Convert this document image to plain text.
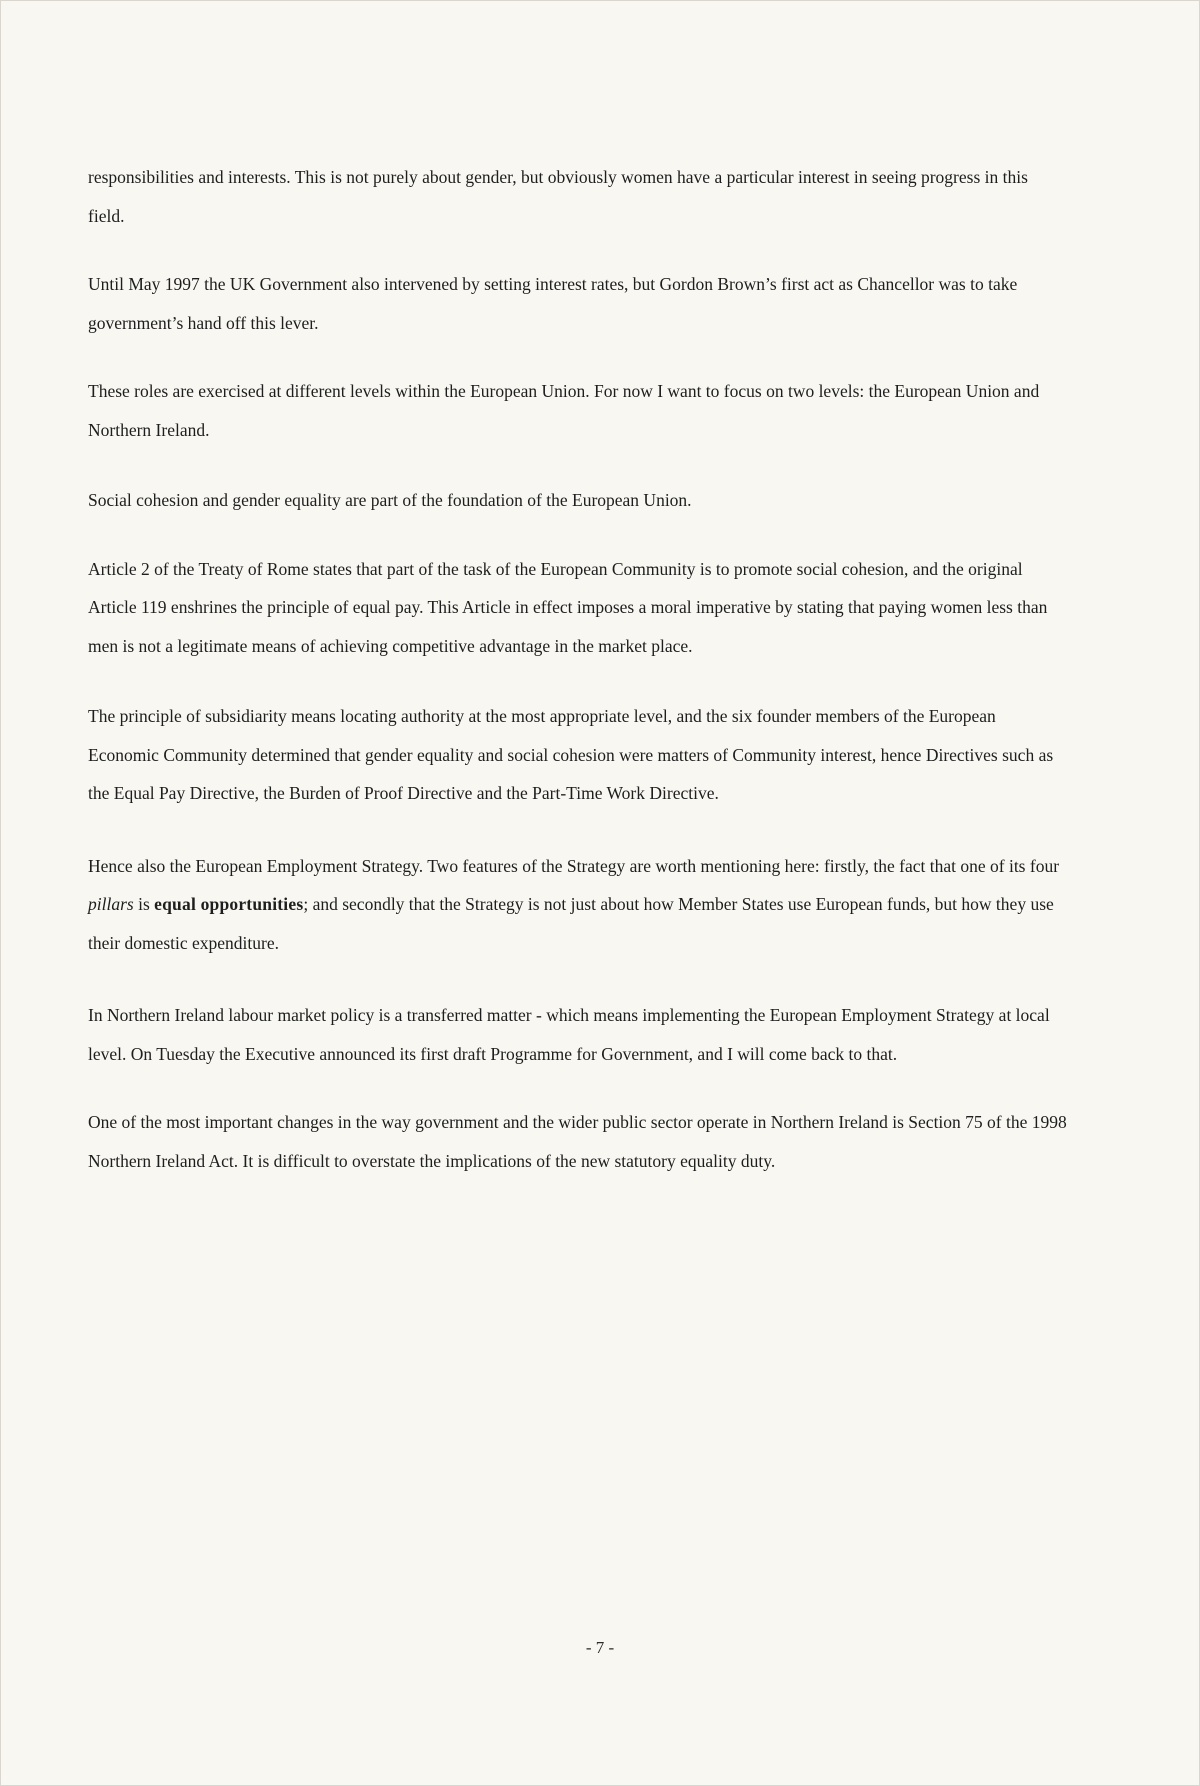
responsibilities and interests. This is not purely about gender, but obviously women have a particular interest in seeing progress in this field.

Until May 1997 the UK Government also intervened by setting interest rates, but Gordon Brown’s first act as Chancellor was to take government’s hand off this lever.

These roles are exercised at different levels within the European Union. For now I want to focus on two levels: the European Union and Northern Ireland.

Social cohesion and gender equality are part of the foundation of the European Union.

Article 2 of the Treaty of Rome states that part of the task of the European Community is to promote social cohesion, and the original Article 119 enshrines the principle of equal pay. This Article in effect imposes a moral imperative by stating that paying women less than men is not a legitimate means of achieving competitive advantage in the market place.

The principle of subsidiarity means locating authority at the most appropriate level, and the six founder members of the European Economic Community determined that gender equality and social cohesion were matters of Community interest, hence Directives such as the Equal Pay Directive, the Burden of Proof Directive and the Part-Time Work Directive.

Hence also the European Employment Strategy. Two features of the Strategy are worth mentioning here: firstly, the fact that one of its four pillars is equal opportunities; and secondly that the Strategy is not just about how Member States use European funds, but how they use their domestic expenditure.

In Northern Ireland labour market policy is a transferred matter - which means implementing the European Employment Strategy at local level. On Tuesday the Executive announced its first draft Programme for Government, and I will come back to that.

One of the most important changes in the way government and the wider public sector operate in Northern Ireland is Section 75 of the 1998 Northern Ireland Act. It is difficult to overstate the implications of the new statutory equality duty.

- 7 -
